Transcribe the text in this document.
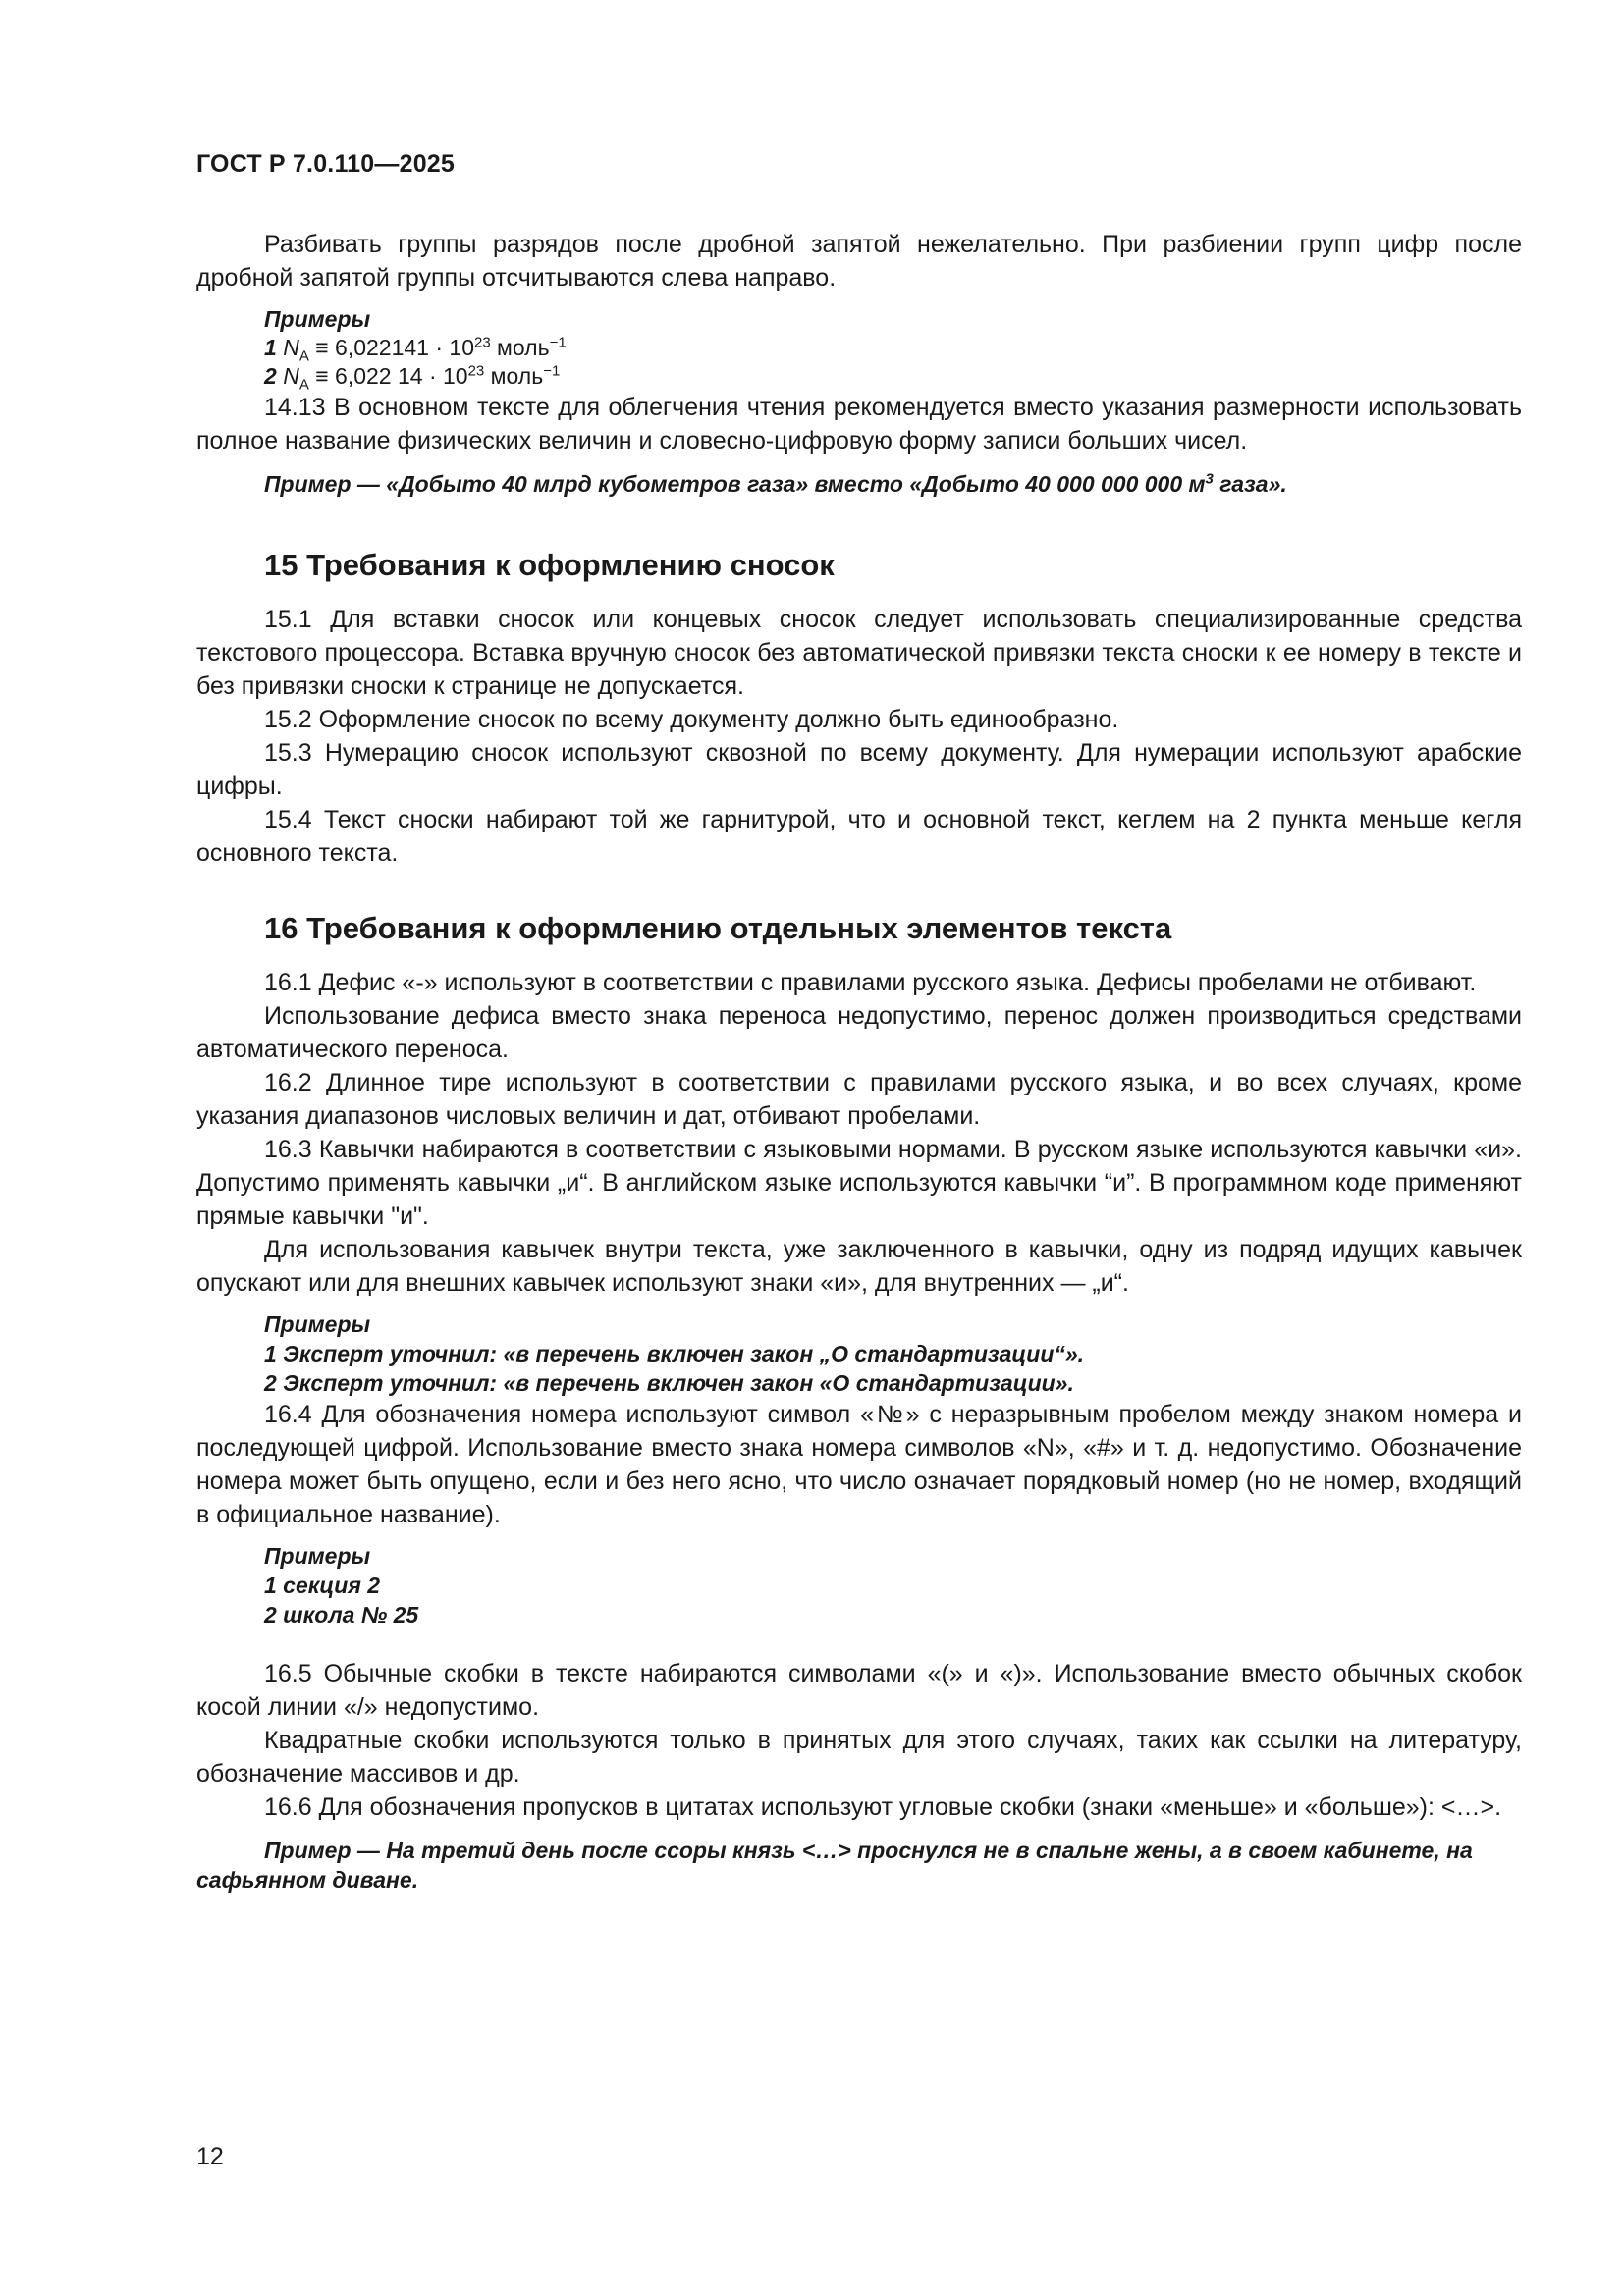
ГОСТ Р 7.0.110—2025

Разбивать группы разрядов после дробной запятой нежелательно. При разбиении групп цифр после дробной запятой группы отсчитываются слева направо.

Примеры
1 $N_A \equiv 6,022141 \cdot 10^{23}$ моль$^{-1}$
2 $N_A \equiv 6,022$ $14 \cdot 10^{23}$ моль$^{-1}$

14.13 В основном тексте для облегчения чтения рекомендуется вместо указания размерности использовать полное название физических величин и словесно-цифровую форму записи больших чисел.

Пример — «Добыто 40 млрд кубометров газа» вместо «Добыто 40 000 000 000 $м^3$ газа».
15 Требования к оформлению сносок

15.1 Для вставки сносок или концевых сносок следует использовать специализированные средства текстового процессора. Вставка вручную сносок без автоматической привязки текста сноски к ее номеру в тексте и без привязки сноски к странице не допускается.

15.2 Оформление сносок по всему документу должно быть единообразно.

15.3 Нумерацию сносок используют сквозной по всему документу. Для нумерации используют арабские цифры.

15.4 Текст сноски набирают той же гарнитурой, что и основной текст, кеглем на 2 пункта меньше кегля основного текста.

16 Требования к оформлению отдельных элементов текста

16.1 Дефис «-» используют в соответствии с правилами русского языка. Дефисы пробелами не отбивают.

Использование дефиса вместо знака переноса недопустимо, перенос должен производиться средствами автоматического переноса.

16.2 Длинное тире используют в соответствии с правилами русского языка, и во всех случаях, кроме указания диапазонов числовых величин и дат, отбивают пробелами.

16.3 Кавычки набираются в соответствии с языковыми нормами. В русском языке используются кавычки «и». Допустимо применять кавычки „и“. В английском языке используются кавычки “и”. В программном коде применяют прямые кавычки "и".

Для использования кавычек внутри текста, уже заключенного в кавычки, одну из подряд идущих кавычек опускают или для внешних кавычек используют знаки «и», для внутренних — „и“.

Примеры
1 Эксперт уточнил: «в перечень включен закон „О стандартизации“».
2 Эксперт уточнил: «в перечень включен закон «О стандартизации».

16.4 Для обозначения номера используют символ «№» с неразрывным пробелом между знаком номера и последующей цифрой. Использование вместо знака номера символов «N», «#» и т. д. недопустимо. Обозначение номера может быть опущено, если и без него ясно, что число означает порядковый номер (но не номер, входящий в официальное название).

Примеры
1 секция 2
2 школа № 25

16.5 Обычные скобки в тексте набираются символами «(» и «)». Использование вместо обычных скобок косой линии «/» недопустимо.

Квадратные скобки используются только в принятых для этого случаях, таких как ссылки на литературу, обозначение массивов и др.

16.6 Для обозначения пропусков в цитатах используют угловые скобки (знаки «меньше» и «больше»): <…>.

Пример — На третий день после ссоры князь <…> проснулся не в спальне жены, а в своем кабинете, на сафьянном диване.
12
